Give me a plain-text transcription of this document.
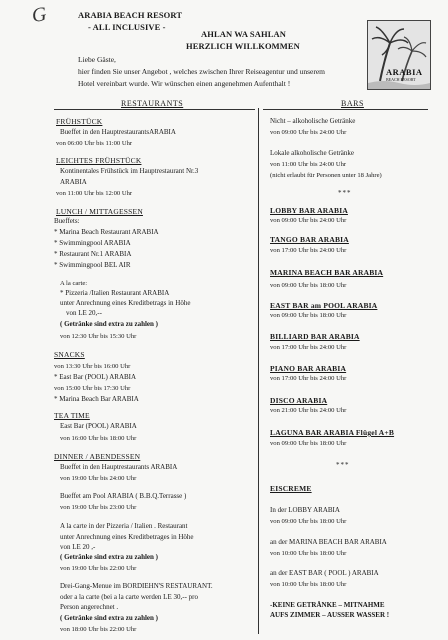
G	ARABIA BEACH RESORT
- ALL INCLUSIVE -
AHLAN WA SAHLAN
HERZLICH WILLKOMMEN
ARABIA
BEACH RESORT
Liebe Gäste,
hier finden Sie unser Angebot , welches zwischen Ihrer Reiseagentur und unserem
Hotel vereinbart wurde. Wir wünschen einen angenehmen Aufenthalt !
RESTAURANTS	BARS
FRÜHSTÜCK
Bueffet in den HauptrestaurantsARABIA
von 06:00 Uhr bis 11:00 Uhr
LEICHTES FRÜHSTÜCK
Kontinentales Frühstück im Hauptrestaurant Nr.3
ARABIA
von 11:00 Uhr bis 12:00 Uhr
LUNCH / MITTAGESSEN
Bueffets:
* Marina Beach Restaurant ARABIA
* Swimmingpool ARABIA
* Restaurant Nr.1 ARABIA
* Swimmingpool BEL AIR
A la carte:
* Pizzeria /Italien Restaurant ARABIA
unter Anrechnung eines Kreditbetrags in Höhe
von LE 20,--
( Getränke sind extra zu zahlen )
von 12:30 Uhr bis 15:30 Uhr
SNACKS
von 13:30 Uhr bis 16:00 Uhr
* East Bar (POOL) ARABIA
von 15:00 Uhr bis 17:30 Uhr
* Marina Beach Bar ARABIA
TEA TIME
East Bar (POOL) ARABIA
von 16:00 Uhr bis 18:00 Uhr
DINNER / ABENDESSEN
Bueffet in den Hauptrestaurants ARABIA
von 19:00 Uhr bis 24:00 Uhr
Bueffet am Pool ARABIA ( B.B.Q.Terrasse )
von 19:00 Uhr bis 23:00 Uhr
A la carte in der Pizzeria / Italien . Restaurant
unter Anrechnung eines Kreditbetrages in Höhe
von LE 20 ,-
( Getränke sind extra zu zahlen )
von 19:00 Uhr bis 22:00 Uhr
Drei-Gang-Menue im BORDIEHN'S RESTAURANT.
oder a la carte (bei a la carte werden LE 30,-- pro
Person angerechnet .
( Getränke sind extra zu zahlen )
von 18:00 Uhr bis 22:00 Uhr
Nicht – alkoholische Getränke
von 09:00 Uhr bis 24:00 Uhr
Lokale alkoholische Getränke
von 11:00 Uhr bis 24:00 Uhr
(nicht erlaubt für Personen unter 18 Jahre)
***
LOBBY BAR ARABIA
von 09:00 Uhr bis 24:00 Uhr
TANGO BAR ARABIA
von 17:00 Uhr bis 24:00 Uhr
MARINA BEACH BAR ARABIA
von 09:00 Uhr bis 18:00 Uhr
EAST BAR am POOL ARABIA
von 09:00 Uhr bis 18:00 Uhr
BILLIARD BAR ARABIA
von 17:00 Uhr bis 24:00 Uhr
PIANO BAR ARABIA
von 17:00 Uhr bis 24:00 Uhr
DISCO ARABIA
von 21:00 Uhr bis 24:00 Uhr
LAGUNA BAR ARABIA Flügel A+B
von 09:00 Uhr bis 18:00 Uhr
***
EISCREME
In der LOBBY ARABIA
von 09:00 Uhr bis 18:00 Uhr
an der MARINA BEACH BAR ARABIA
von 10:00 Uhr bis 18:00 Uhr
an der EAST BAR ( POOL ) ARABIA
von 10:00 Uhr bis 18:00 Uhr
-KEINE GETRÄNKE – MITNAHME
AUFS ZIMMER – AUSSER WASSER !
